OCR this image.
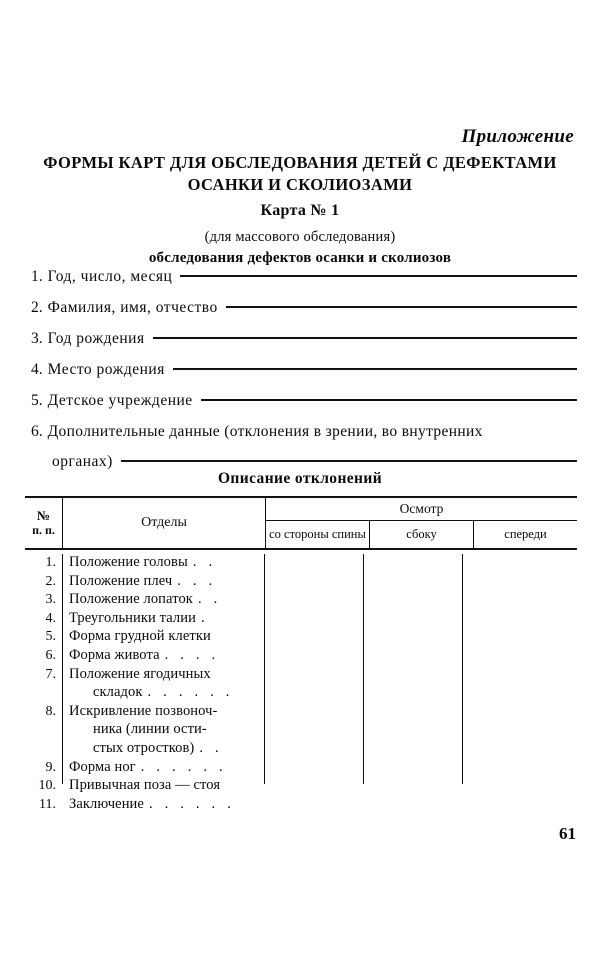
Приложение
ФОРМЫ КАРТ ДЛЯ ОБСЛЕДОВАНИЯ ДЕТЕЙ С ДЕФЕКТАМИ
ОСАНКИ И СКОЛИОЗАМИ
Карта № 1
(для массового обследования)
обследования дефектов осанки и сколиозов
1. Год, число, месяц
2. Фамилия, имя, отчество
3. Год рождения
4. Место рождения
5. Детское учреждение
6. Дополнительные данные (отклонения в зрении, во внутренних
органах)
Описание отклонений
№
п. п.	Отделы
Осмотр
со стороны спины	сбоку	спереди
1. Положение головы . .
2. Положение плеч . . .
3. Положение лопаток . .
4. Треугольники талии .
5. Форма грудной клетки
6. Форма живота . . . .
7. Положение ягодичных
складок . . . . . .
8. Искривление позвоноч-
ника (линии ости-
стых отростков) . .
9. Форма ног . . . . . .
10. Привычная поза — стоя
11. Заключение . . . . . .
61
